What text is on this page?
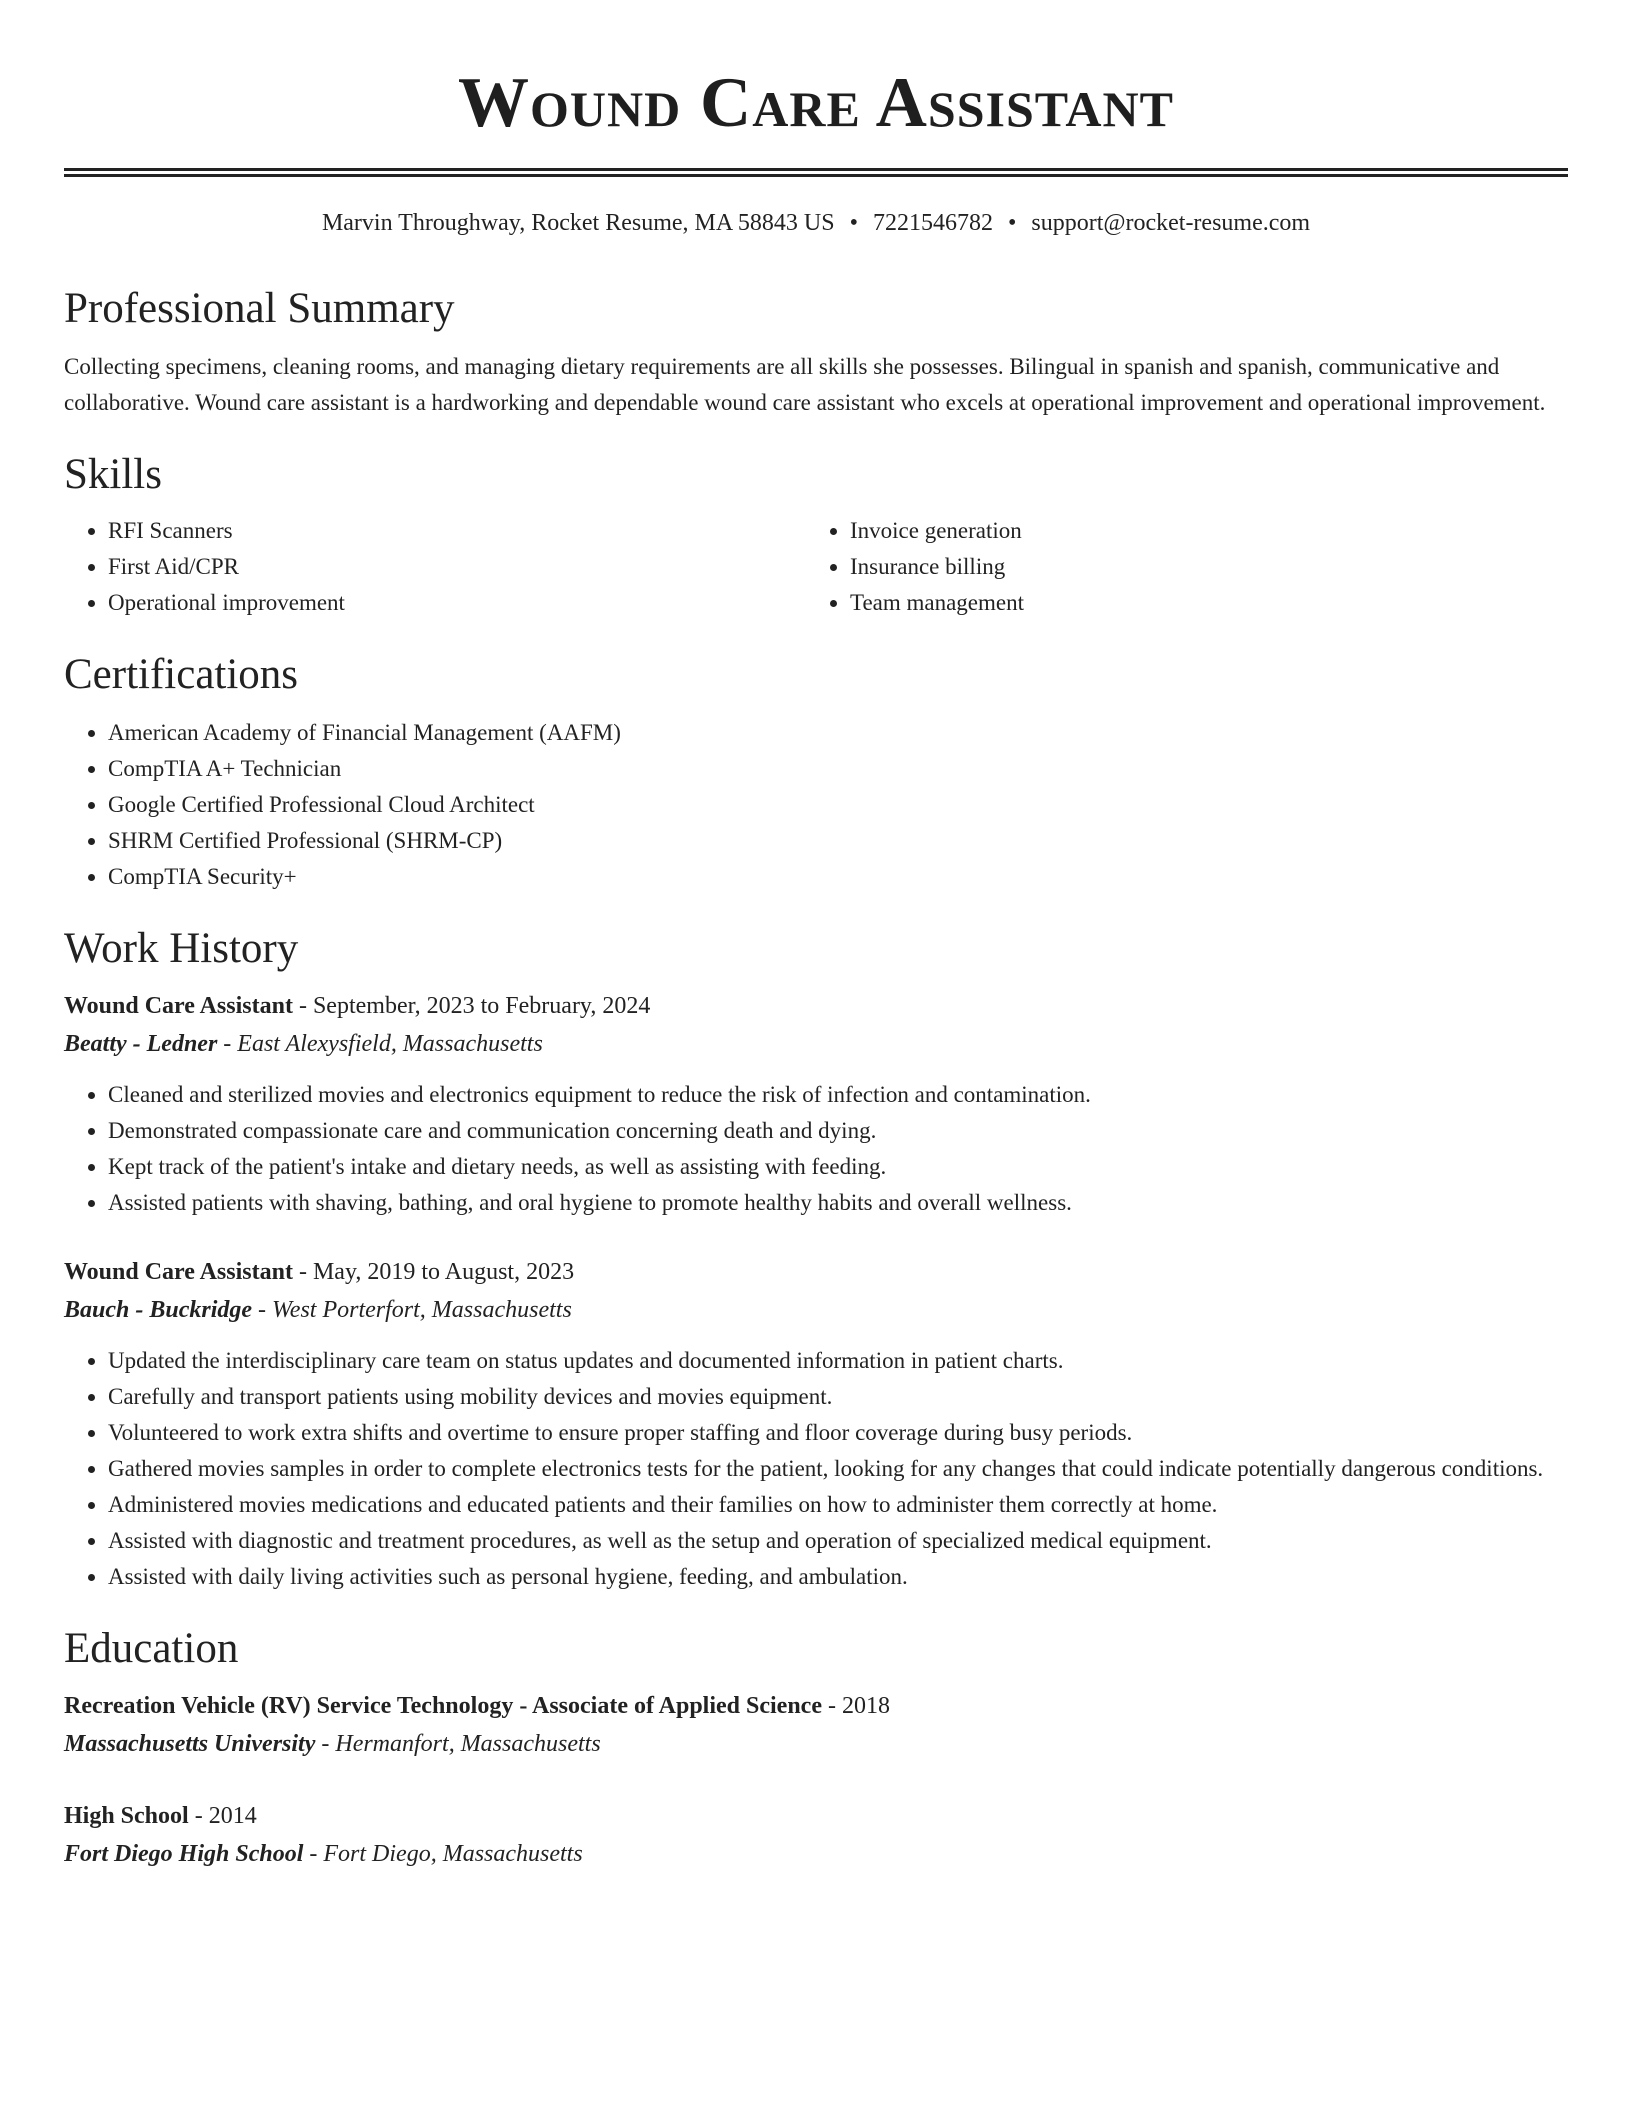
Wound Care Assistant
Marvin Throughway, Rocket Resume, MA 58843 US • 7221546782 • support@rocket-resume.com
Professional Summary

Collecting specimens, cleaning rooms, and managing dietary requirements are all skills she possesses. Bilingual in spanish and spanish, communicative and collaborative. Wound care assistant is a hardworking and dependable wound care assistant who excels at operational improvement and operational improvement.

Skills
• RFI Scanners
• First Aid/CPR
• Operational improvement
• Invoice generation
• Insurance billing
• Team management
Certifications
• American Academy of Financial Management (AAFM)
• CompTIA A+ Technician
• Google Certified Professional Cloud Architect
• SHRM Certified Professional (SHRM-CP)
• CompTIA Security+
Work History
Wound Care Assistant - September, 2023 to February, 2024
Beatty - Ledner - East Alexysfield, Massachusetts
• Cleaned and sterilized movies and electronics equipment to reduce the risk of infection and contamination.
• Demonstrated compassionate care and communication concerning death and dying.
• Kept track of the patient's intake and dietary needs, as well as assisting with feeding.
• Assisted patients with shaving, bathing, and oral hygiene to promote healthy habits and overall wellness.
Wound Care Assistant - May, 2019 to August, 2023
Bauch - Buckridge - West Porterfort, Massachusetts
• Updated the interdisciplinary care team on status updates and documented information in patient charts.
• Carefully and transport patients using mobility devices and movies equipment.
• Volunteered to work extra shifts and overtime to ensure proper staffing and floor coverage during busy periods.
• Gathered movies samples in order to complete electronics tests for the patient, looking for any changes that could indicate potentially dangerous conditions.
• Administered movies medications and educated patients and their families on how to administer them correctly at home.
• Assisted with diagnostic and treatment procedures, as well as the setup and operation of specialized medical equipment.
• Assisted with daily living activities such as personal hygiene, feeding, and ambulation.
Education
Recreation Vehicle (RV) Service Technology - Associate of Applied Science - 2018
Massachusetts University - Hermanfort, Massachusetts
High School - 2014
Fort Diego High School - Fort Diego, Massachusetts
